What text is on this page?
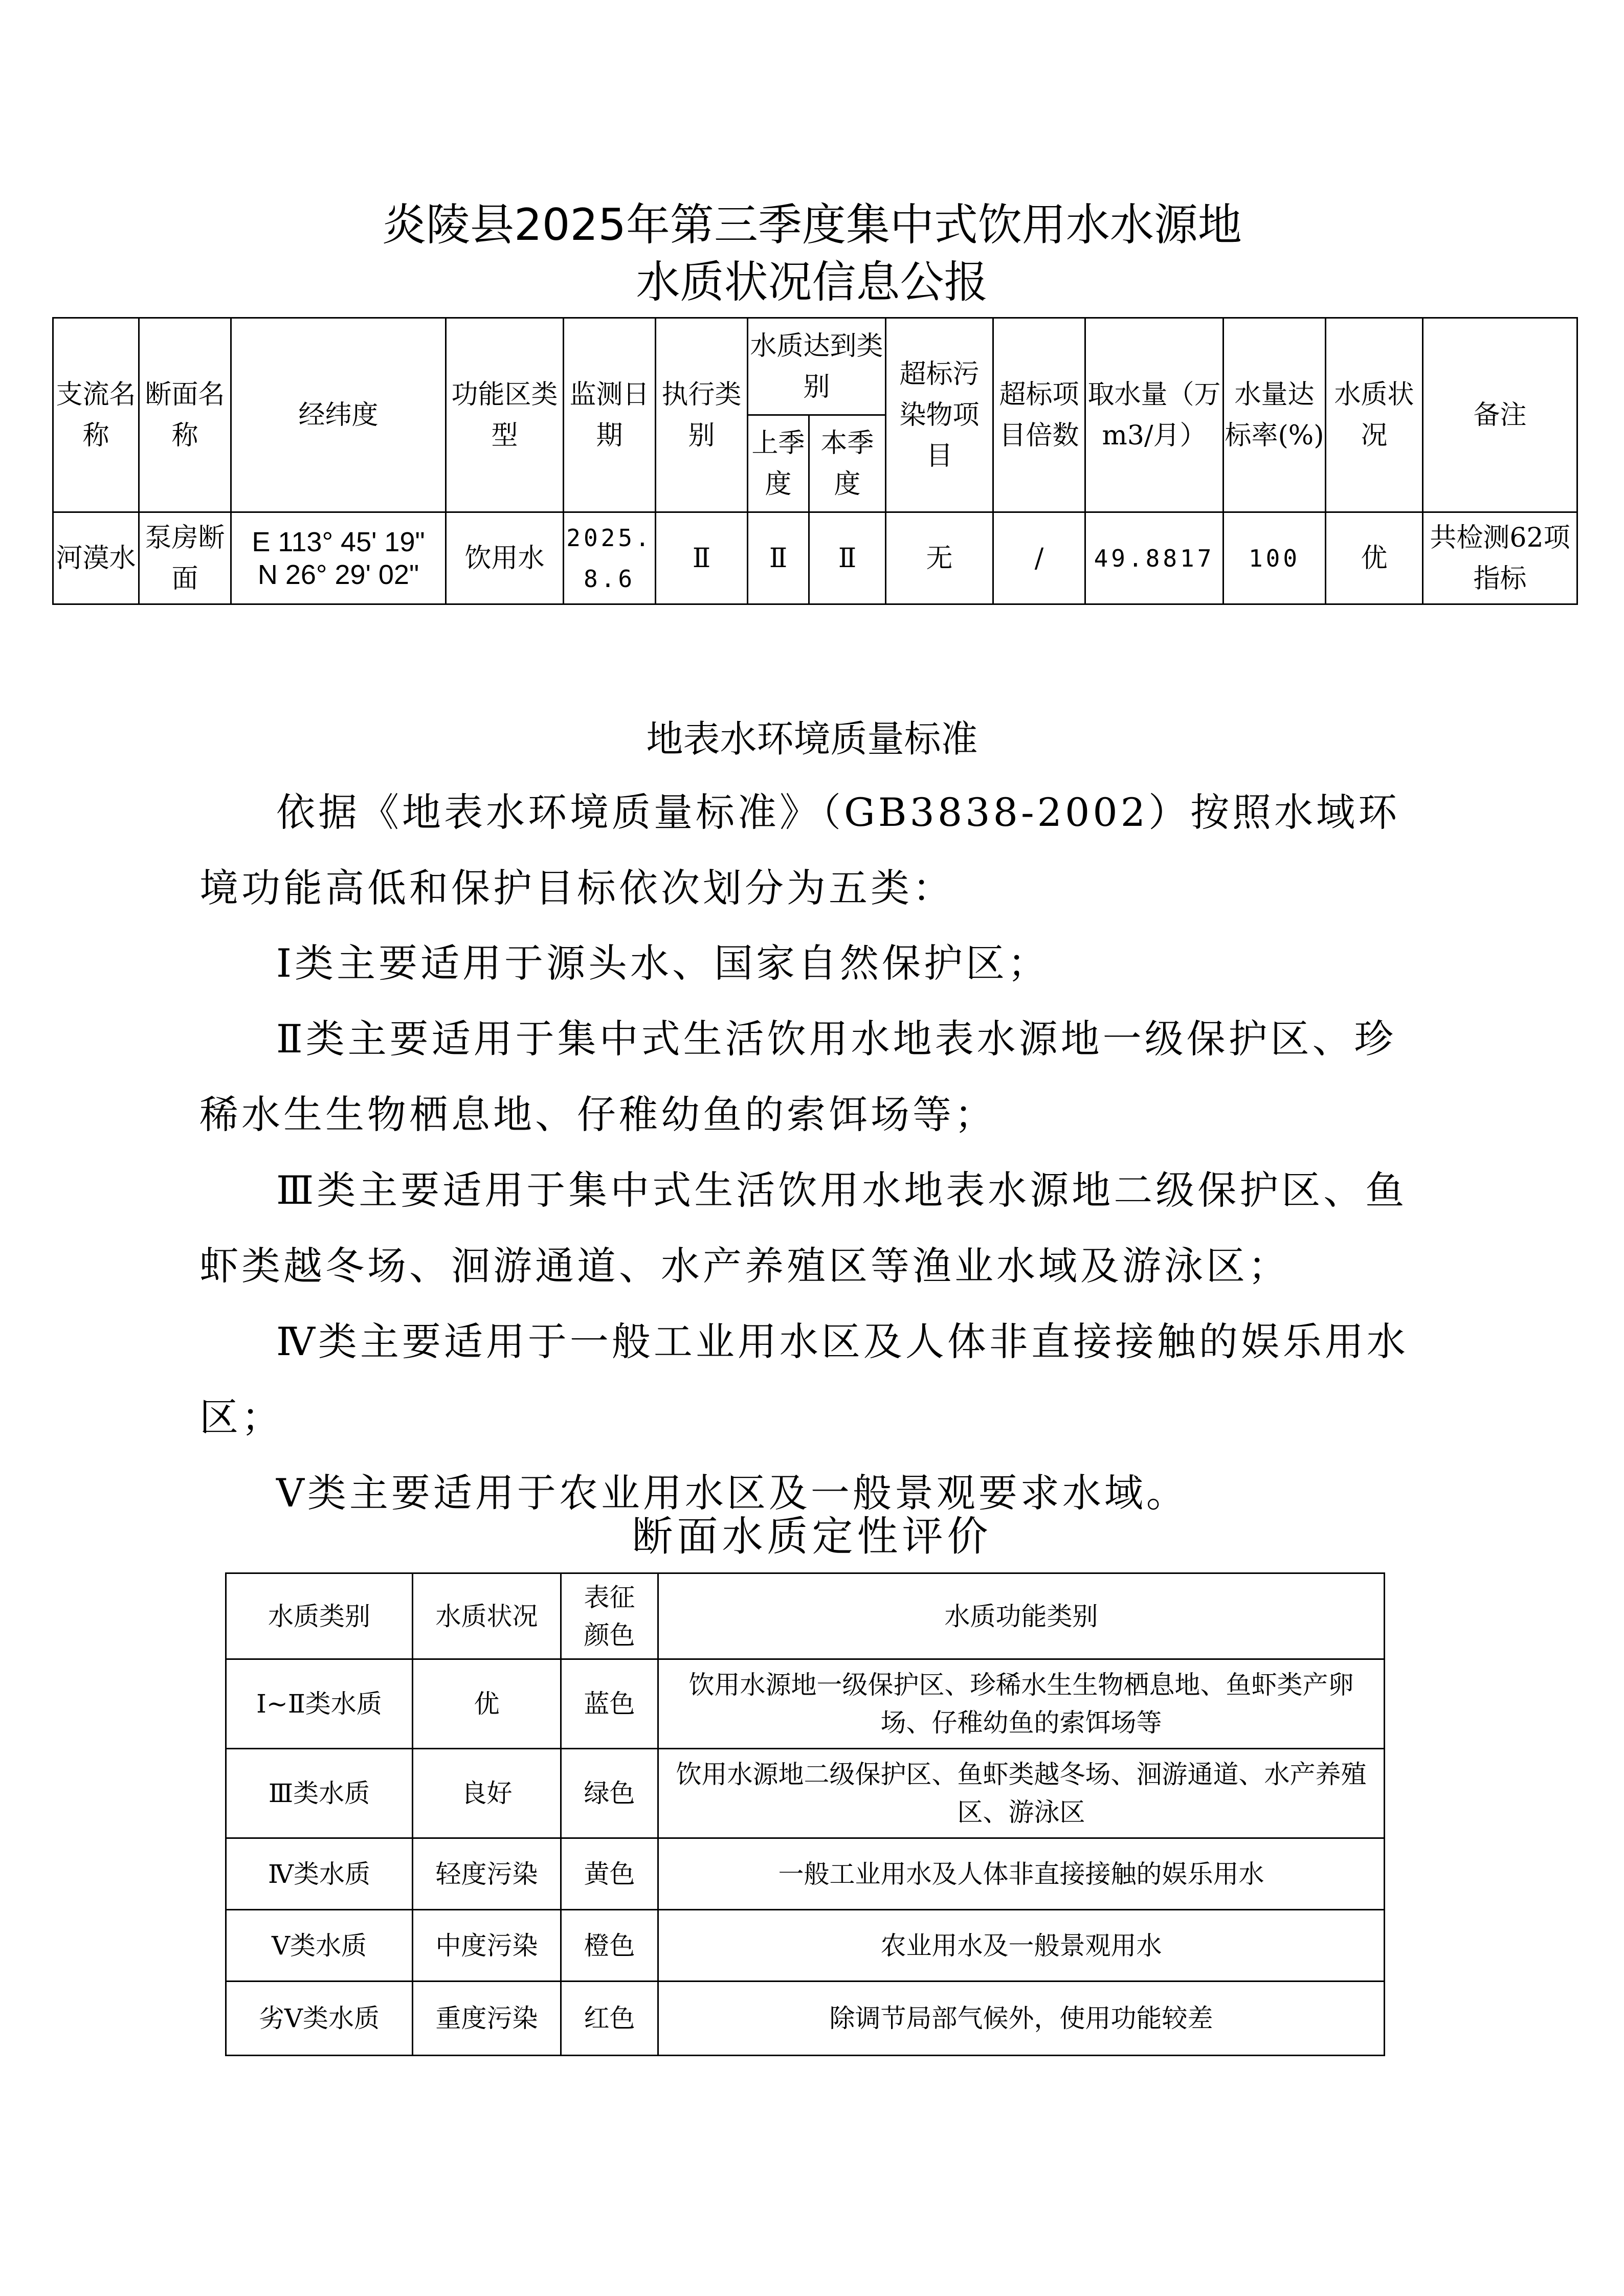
炎陵县2025年第三季度集中式饮用水水源地
水质状况信息公报
支流名称	断面名称	经纬度	功能区类型	监测日期	执行类别	水质达到类别		超标污染物项目	超标项目倍数	取水量（万m3/月）	水量达标率(%)	水质状况	备注
						上季度	本季度						
河漠水	泵房断面	E 113° 45' 19"
N 26° 29' 02"	饮用水	2025.8.6	Ⅱ	Ⅱ	Ⅱ	无	/	49.8817	100	优	共检测62项指标
地表水环境质量标准

依据《地表水环境质量标准》（GB3838-2002）按照水域环境功能高低和保护目标依次划分为五类：

Ⅰ类主要适用于源头水、国家自然保护区；

Ⅱ类主要适用于集中式生活饮用水地表水源地一级保护区、珍稀水生生物栖息地、仔稚幼鱼的索饵场等；

Ⅲ类主要适用于集中式生活饮用水地表水源地二级保护区、鱼虾类越冬场、洄游通道、水产养殖区等渔业水域及游泳区；

Ⅳ类主要适用于一般工业用水区及人体非直接接触的娱乐用水区；

Ⅴ类主要适用于农业用水区及一般景观要求水域。

断面水质定性评价
水质类别	水质状况	表征颜色	水质功能类别
Ⅰ~Ⅱ类水质	优	蓝色	饮用水源地一级保护区、珍稀水生生物栖息地、鱼虾类产卵场、仔稚幼鱼的索饵场等
Ⅲ类水质	良好	绿色	饮用水源地二级保护区、鱼虾类越冬场、洄游通道、水产养殖区、游泳区
Ⅳ类水质	轻度污染	黄色	一般工业用水及人体非直接接触的娱乐用水
Ⅴ类水质	中度污染	橙色	农业用水及一般景观用水
劣Ⅴ类水质	重度污染	红色	除调节局部气候外，使用功能较差
